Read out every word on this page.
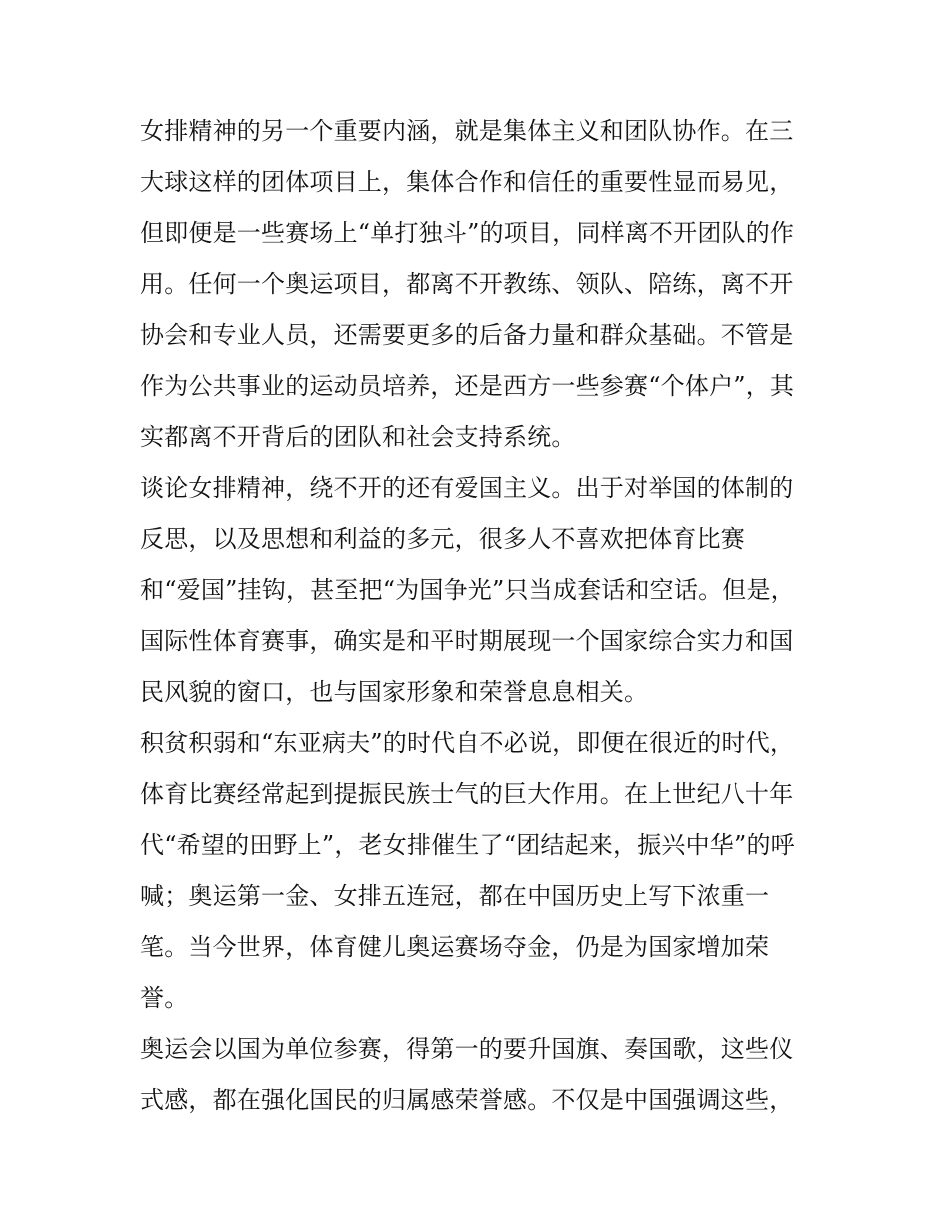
女排精神的另一个重要内涵，就是集体主义和团队协作。在三
大球这样的团体项目上，集体合作和信任的重要性显而易见，
但即便是一些赛场上“单打独斗”的项目，同样离不开团队的作
用。任何一个奥运项目，都离不开教练、领队、陪练，离不开
协会和专业人员，还需要更多的后备力量和群众基础。不管是
作为公共事业的运动员培养，还是西方一些参赛“个体户”，其
实都离不开背后的团队和社会支持系统。
谈论女排精神，绕不开的还有爱国主义。出于对举国的体制的
反思，以及思想和利益的多元，很多人不喜欢把体育比赛
和“爱国”挂钩，甚至把“为国争光”只当成套话和空话。但是，
国际性体育赛事，确实是和平时期展现一个国家综合实力和国
民风貌的窗口，也与国家形象和荣誉息息相关。
积贫积弱和“东亚病夫”的时代自不必说，即便在很近的时代，
体育比赛经常起到提振民族士气的巨大作用。在上世纪八十年
代“希望的田野上”，老女排催生了“团结起来，振兴中华”的呼
喊；奥运第一金、女排五连冠，都在中国历史上写下浓重一
笔。当今世界，体育健儿奥运赛场夺金，仍是为国家增加荣
誉。
奥运会以国为单位参赛，得第一的要升国旗、奏国歌，这些仪
式感，都在强化国民的归属感荣誉感。不仅是中国强调这些，
